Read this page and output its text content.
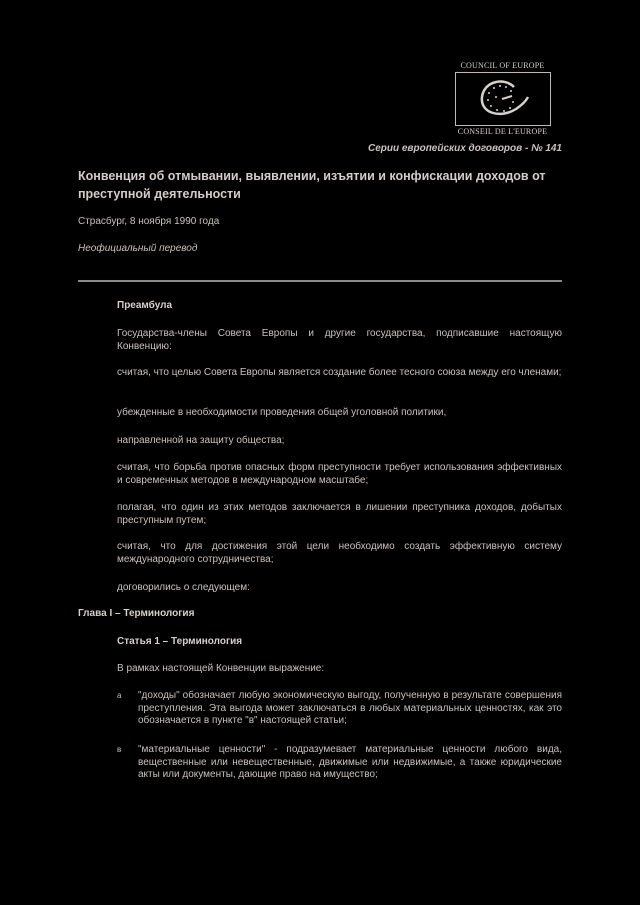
COUNCIL OF EUROPE
CONSEIL DE L'EUROPE
Серии европейских договоров - № 141
Конвенция об отмывании, выявлении, изъятии и конфискации доходов от преступной деятельности
Страсбург, 8 ноября 1990 года
Неофициальный перевод
Преамбула
Государства-члены Совета Европы и другие государства, подписавшие настоящую Конвенцию:
считая, что целью Совета Европы является создание более тесного союза между его членами;
убежденные в необходимости проведения общей уголовной политики,
направленной на защиту общества;
считая, что борьба против опасных форм преступности требует использования эффективных и современных методов в международном масштабе;
полагая, что один из этих методов заключается в лишении преступника доходов, добытых преступным путем;
считая, что для достижения этой цели необходимо создать эффективную систему международного сотрудничества;
договорились о следующем:
Глава I – Терминология
Статья 1 – Терминология
В рамках настоящей Конвенции выражение:
a "доходы" обозначает любую экономическую выгоду, полученную в результате совершения преступления. Эта выгода может заключаться в любых материальных ценностях, как это обозначается в пункте "в" настоящей статьи;
в "материальные ценности" - подразумевает материальные ценности любого вида, вещественные или невещественные, движимые или недвижимые, а также юридические акты или документы, дающие право на имущество;
